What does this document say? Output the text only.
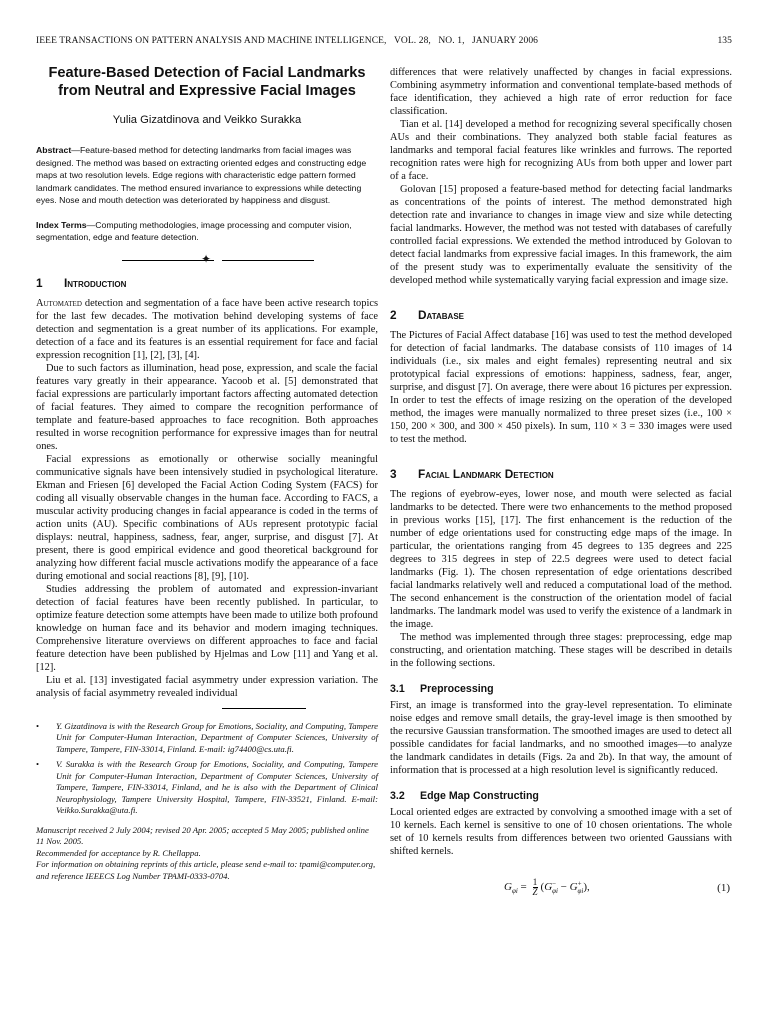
IEEE TRANSACTIONS ON PATTERN ANALYSIS AND MACHINE INTELLIGENCE, VOL. 28, NO. 1, JANUARY 2006	135
Feature-Based Detection of Facial Landmarks
from Neutral and Expressive Facial Images
Yulia Gizatdinova and Veikko Surakka
Abstract—Feature-based method for detecting landmarks from facial images was designed. The method was based on extracting oriented edges and constructing edge maps at two resolution levels. Edge regions with characteristic edge pattern formed landmark candidates. The method ensured invariance to expressions while detecting eyes. Nose and mouth detection was deteriorated by happiness and disgust.
Index Terms—Computing methodologies, image processing and computer vision, segmentation, edge and feature detection.
✦
1 Introduction

Automated detection and segmentation of a face have been active research topics for the last few decades. The motivation behind developing systems of face detection and segmentation is a great number of its applications. For example, detection of a face and its features is an essential requirement for face and facial expression recognition [1], [2], [3], [4].

Due to such factors as illumination, head pose, expression, and scale the facial features vary greatly in their appearance. Yacoob et al. [5] demonstrated that facial expressions are particularly important factors affecting automated detection of facial features. They aimed to compare the recognition performance of template and feature-based approaches to face recognition. Both approaches resulted in worse recognition performance for expressive images than for neutral ones.

Facial expressions as emotionally or otherwise socially meaningful communicative signals have been intensively studied in psychological literature. Ekman and Friesen [6] developed the Facial Action Coding System (FACS) for coding all visually observable changes in the human face. According to FACS, a muscular activity producing changes in facial appearance is coded in the terms of action units (AU). Specific combinations of AUs represent prototypic facial displays: neutral, happiness, sadness, fear, anger, surprise, and disgust [7]. At present, there is good empirical evidence and good theoretical background for analyzing how different facial muscle activations modify the appearance of a face during emotional and social reactions [8], [9], [10].

Studies addressing the problem of automated and expression-invariant detection of facial features have been recently published. In particular, to optimize feature detection some attempts have been made to utilize both profound knowledge on human face and its behavior and modern imaging techniques. Comprehensive literature overviews on different approaches to face and facial feature detection have been published by Hjelmas and Low [11] and Yang et al. [12].

Liu et al. [13] investigated facial asymmetry under expression variation. The analysis of facial asymmetry revealed individual

• Y. Gizatdinova is with the Research Group for Emotions, Sociality, and Computing, Tampere Unit for Computer-Human Interaction, Department of Computer Sciences, University of Tampere, Tampere, FIN-33014, Finland. E-mail: ig74400@cs.uta.fi.
• V. Surakka is with the Research Group for Emotions, Sociality, and Computing, Tampere Unit for Computer-Human Interaction, Department of Computer Sciences, University of Tampere, Tampere, FIN-33014, Finland, and he is also with the Department of Clinical Neurophysiology, Tampere University Hospital, Tampere, FIN-33521, Finland. E-mail: Veikko.Surakka@uta.fi.
Manuscript received 2 July 2004; revised 20 Apr. 2005; accepted 5 May 2005; published online 11 Nov. 2005.
Recommended for acceptance by R. Chellappa.
For information on obtaining reprints of this article, please send e-mail to: tpami@computer.org, and reference IEEECS Log Number TPAMI-0333-0704.

differences that were relatively unaffected by changes in facial expressions. Combining asymmetry information and conventional template-based methods of face identification, they achieved a high rate of error reduction for face classification.

Tian et al. [14] developed a method for recognizing several specifically chosen AUs and their combinations. They analyzed both stable facial features as landmarks and temporal facial features like wrinkles and furrows. The reported recognition rates were high for recognizing AUs from both upper and lower part of a face.

Golovan [15] proposed a feature-based method for detecting facial landmarks as concentrations of the points of interest. The method demonstrated high detection rate and invariance to changes in image view and size while detecting facial landmarks. However, the method was not tested with databases of carefully controlled facial expressions. We extended the method introduced by Golovan to detect facial landmarks from expressive facial images. In this framework, the aim of the present study was to experimentally evaluate the sensitivity of the developed method while systematically varying facial expression and image size.

2 Database

The Pictures of Facial Affect database [16] was used to test the method developed for detection of facial landmarks. The database consists of 110 images of 14 individuals (i.e., six males and eight females) representing neutral and six prototypical facial expressions of emotions: happiness, sadness, fear, anger, surprise, and disgust [7]. On average, there were about 16 pictures per expression. In order to test the effects of image resizing on the operation of the developed method, the images were manually normalized to three preset sizes (i.e., 100 × 150, 200 × 300, and 300 × 450 pixels). In sum, 110 × 3 = 330 images were used to test the method.

3 Facial Landmark Detection

The regions of eyebrow-eyes, lower nose, and mouth were selected as facial landmarks to be detected. There were two enhancements to the method proposed in previous works [15], [17]. The first enhancement is the reduction of the number of edge orientations used for constructing edge maps of the image. In particular, the orientations ranging from 45 degrees to 135 degrees and 225 degrees to 315 degrees in step of 22.5 degrees were used to detect facial landmarks (Fig. 1). The chosen representation of edge orientations described facial landmarks relatively well and reduced a computational load of the method. The second enhancement is the construction of the orientation model of facial landmarks. The landmark model was used to verify the existence of a landmark in the image.

The method was implemented through three stages: preprocessing, edge map constructing, and orientation matching. These stages will be described in details in the following sections.

3.1 Preprocessing

First, an image is transformed into the gray-level representation. To eliminate noise edges and remove small details, the gray-level image is then smoothed by the recursive Gaussian transformation. The smoothed images are used to detect all possible candidates for facial landmarks, and no smoothed images—to analyze the landmark candidates in details (Figs. 2a and 2b). In that way, the amount of information that is processed at a high resolution level is significantly reduced.

3.2 Edge Map Constructing

Local oriented edges are extracted by convolving a smoothed image with a set of 10 kernels. Each kernel is sensitive to one of 10 chosen orientations. The whole set of 10 kernels results from differences between two oriented Gaussians with shifted kernels.

$G_{\varphi i} = \frac{1}{Z} (G^-_{\varphi i} - G^+_{\varphi i})$,	(1)
